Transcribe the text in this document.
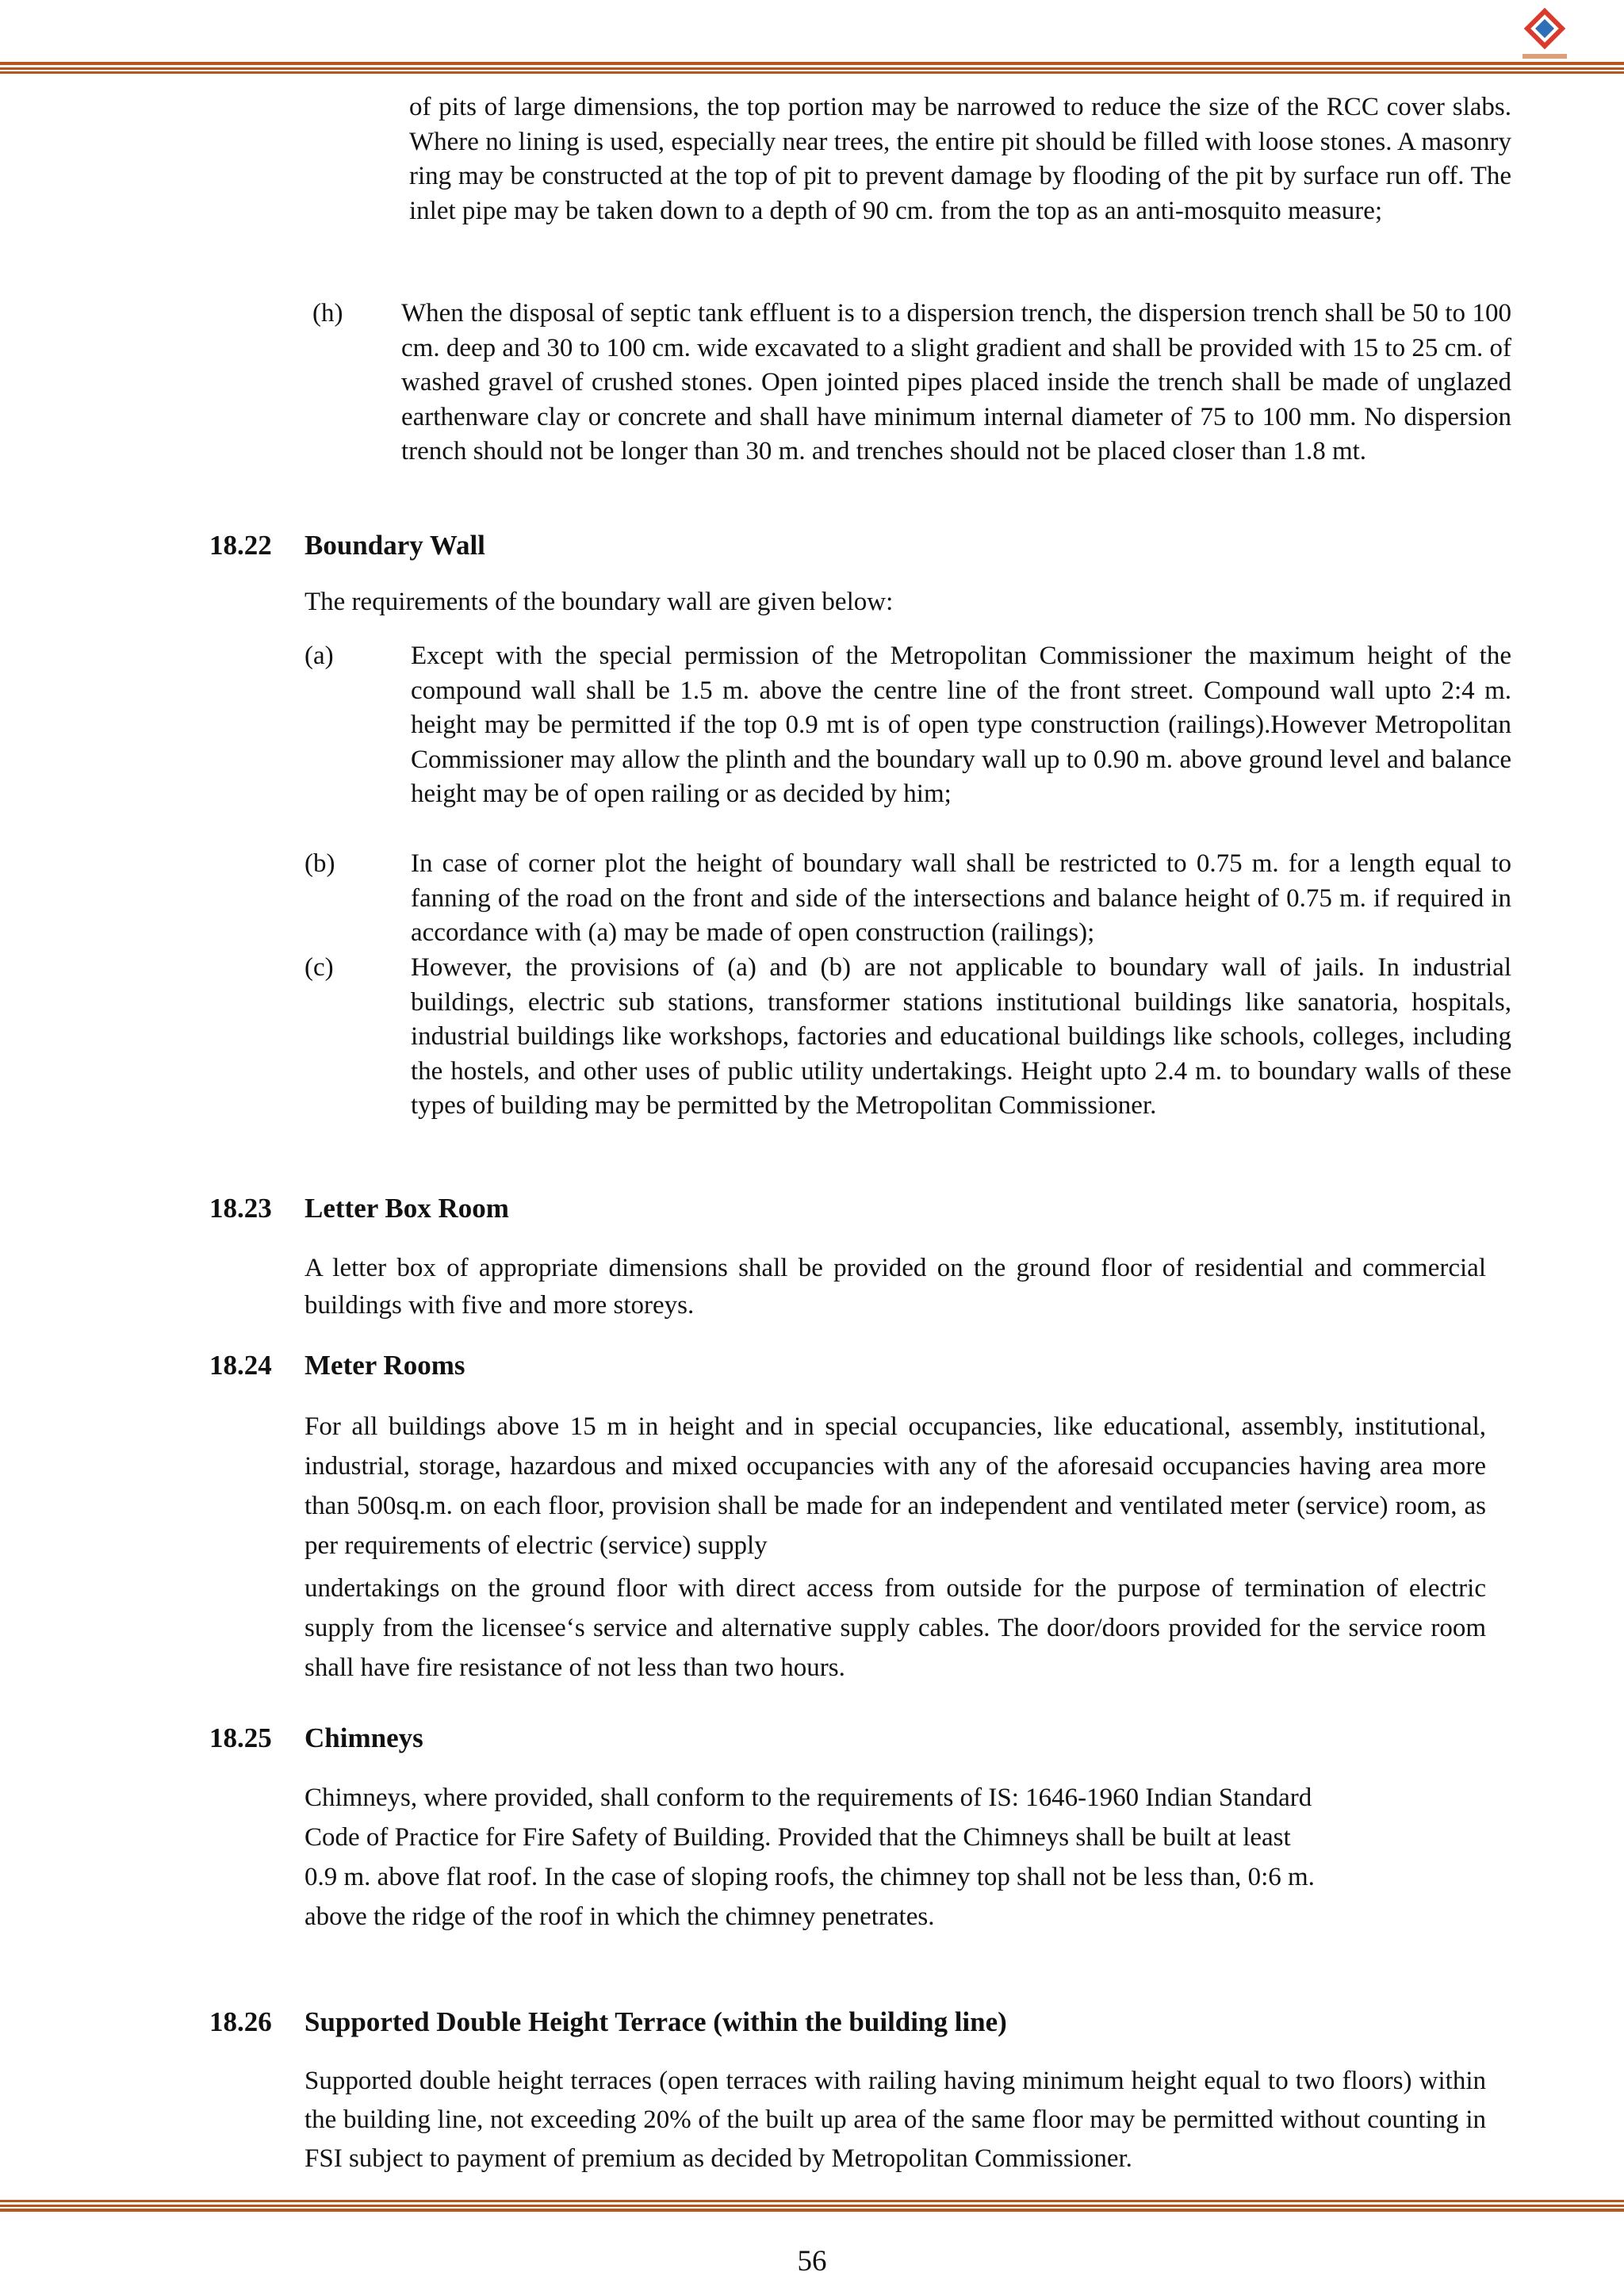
of pits of large dimensions, the top portion may be narrowed to reduce the size of the RCC cover slabs. Where no lining is used, especially near trees, the entire pit should be filled with loose stones. A masonry ring may be constructed at the top of pit to prevent damage by flooding of the pit by surface run off. The inlet pipe may be taken down to a depth of 90 cm. from the top as an anti-mosquito measure;

(h) When the disposal of septic tank effluent is to a dispersion trench, the dispersion trench shall be 50 to 100 cm. deep and 30 to 100 cm. wide excavated to a slight gradient and shall be provided with 15 to 25 cm. of washed gravel of crushed stones. Open jointed pipes placed inside the trench shall be made of unglazed earthenware clay or concrete and shall have minimum internal diameter of 75 to 100 mm. No dispersion trench should not be longer than 30 m. and trenches should not be placed closer than 1.8 mt.
18.22 Boundary Wall

The requirements of the boundary wall are given below:

(a)	Except with the special permission of the Metropolitan Commissioner the maximum height of the compound wall shall be 1.5 m. above the centre line of the front street. Compound wall upto 2:4 m. height may be permitted if the top 0.9 mt is of open type construction (railings).However Metropolitan Commissioner may allow the plinth and the boundary wall up to 0.90 m. above ground level and balance height may be of open railing or as decided by him;
(b)	In case of corner plot the height of boundary wall shall be restricted to 0.75 m. for a length equal to fanning of the road on the front and side of the intersections and balance height of 0.75 m. if required in accordance with (a) may be made of open construction (railings);
(c)	However, the provisions of (a) and (b) are not applicable to boundary wall of jails. In industrial buildings, electric sub stations, transformer stations institutional buildings like sanatoria, hospitals, industrial buildings like workshops, factories and educational buildings like schools, colleges, including the hostels, and other uses of public utility undertakings. Height upto 2.4 m. to boundary walls of these types of building may be permitted by the Metropolitan Commissioner.
18.23 Letter Box Room

A letter box of appropriate dimensions shall be provided on the ground floor of residential and commercial buildings with five and more storeys.

18.24 Meter Rooms

For all buildings above 15 m in height and in special occupancies, like educational, assembly, institutional, industrial, storage, hazardous and mixed occupancies with any of the aforesaid occupancies having area more than 500sq.m. on each floor, provision shall be made for an independent and ventilated meter (service) room, as per requirements of electric (service) supply

undertakings on the ground floor with direct access from outside for the purpose of termination of electric supply from the licensee‘s service and alternative supply cables. The door/doors provided for the service room shall have fire resistance of not less than two hours.

18.25 Chimneys
Chimneys, where provided, shall conform to the requirements of IS: 1646-1960 Indian Standard
Code of Practice for Fire Safety of Building. Provided that the Chimneys shall be built at least
0.9 m. above flat roof. In the case of sloping roofs, the chimney top shall not be less than, 0:6 m.
above the ridge of the roof in which the chimney penetrates.
18.26 Supported Double Height Terrace (within the building line)

Supported double height terraces (open terraces with railing having minimum height equal to two floors) within the building line, not exceeding 20% of the built up area of the same floor may be permitted without counting in FSI subject to payment of premium as decided by Metropolitan Commissioner.

56
